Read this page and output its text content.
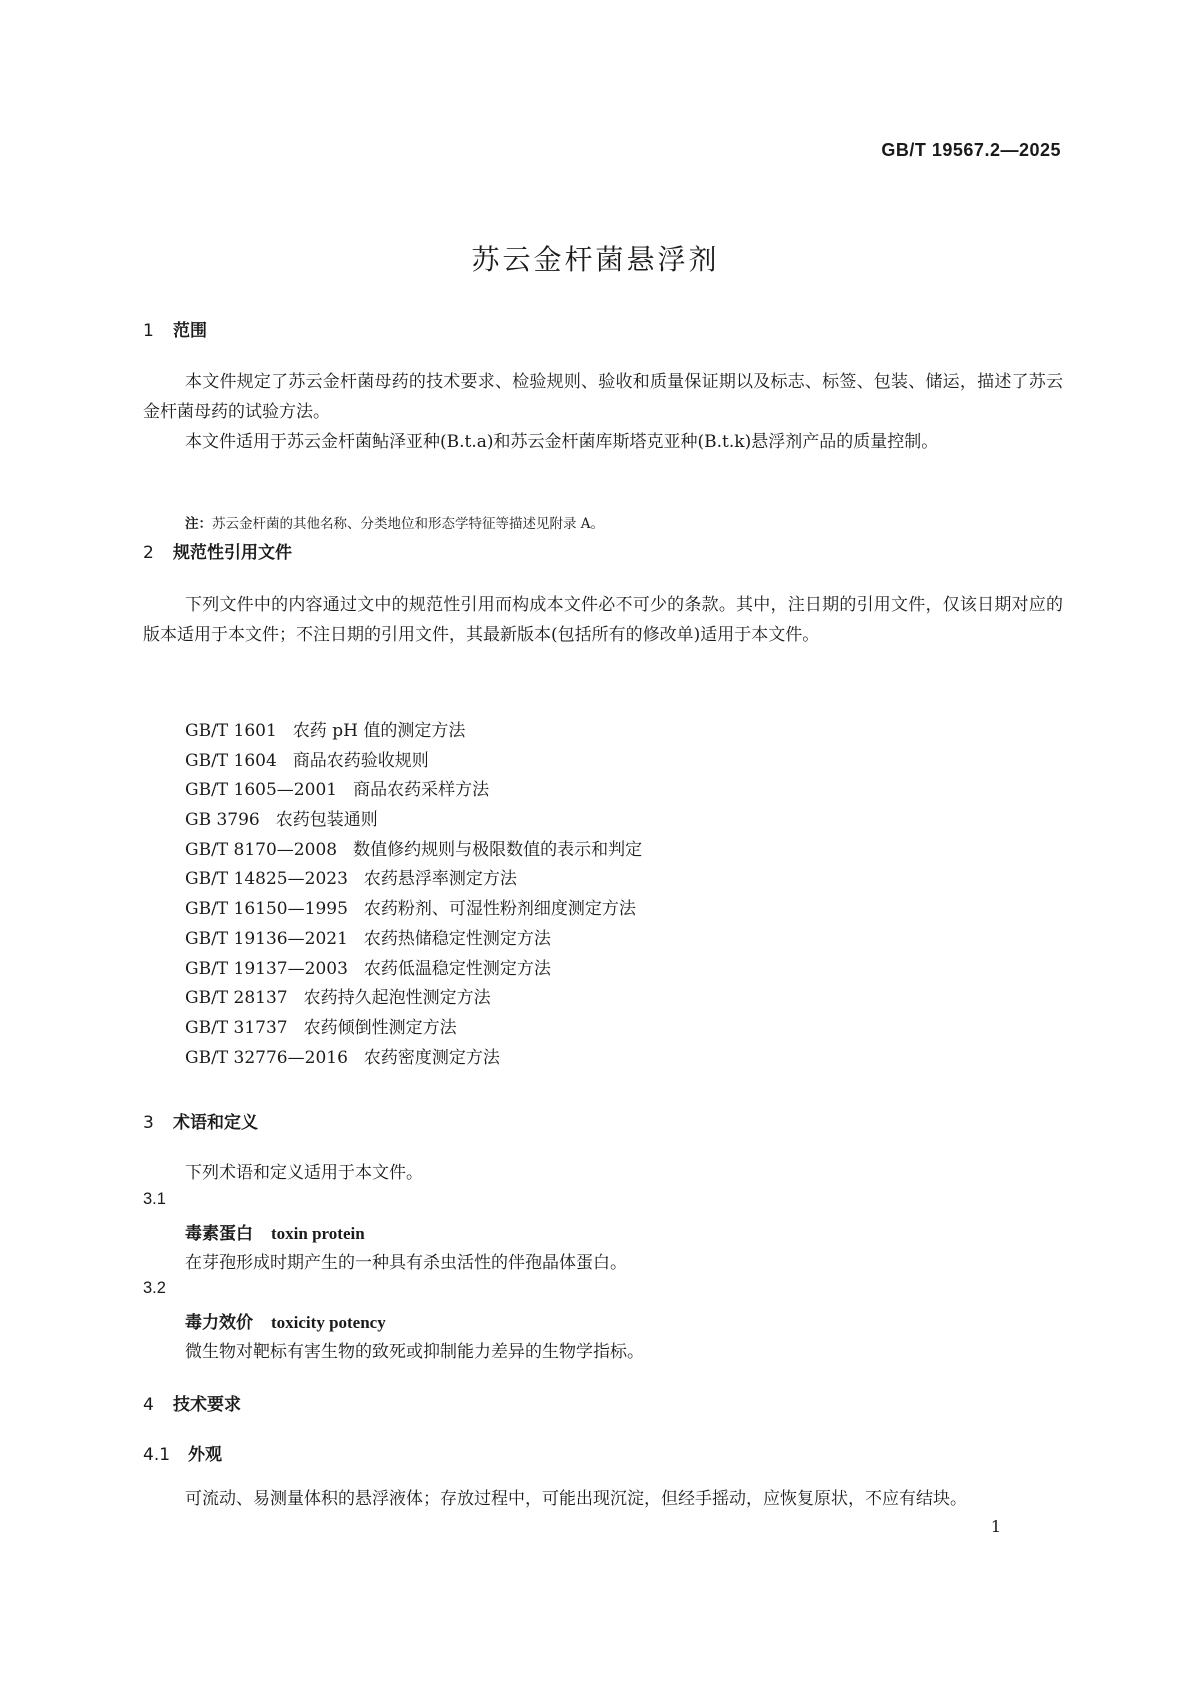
GB/T 19567.2—2025
苏云金杆菌悬浮剂
1 范围
本文件规定了苏云金杆菌母药的技术要求、检验规则、验收和质量保证期以及标志、标签、包装、储运，描述了苏云金杆菌母药的试验方法。
本文件适用于苏云金杆菌鲇泽亚种(B.t.a)和苏云金杆菌库斯塔克亚种(B.t.k)悬浮剂产品的质量控制。
注：苏云金杆菌的其他名称、分类地位和形态学特征等描述见附录 A。
2 规范性引用文件
下列文件中的内容通过文中的规范性引用而构成本文件必不可少的条款。其中，注日期的引用文件，仅该日期对应的版本适用于本文件；不注日期的引用文件，其最新版本(包括所有的修改单)适用于本文件。
GB/T 1601 农药 pH 值的测定方法
GB/T 1604 商品农药验收规则
GB/T 1605—2001 商品农药采样方法
GB 3796 农药包装通则
GB/T 8170—2008 数值修约规则与极限数值的表示和判定
GB/T 14825—2023 农药悬浮率测定方法
GB/T 16150—1995 农药粉剂、可湿性粉剂细度测定方法
GB/T 19136—2021 农药热储稳定性测定方法
GB/T 19137—2003 农药低温稳定性测定方法
GB/T 28137 农药持久起泡性测定方法
GB/T 31737 农药倾倒性测定方法
GB/T 32776—2016 农药密度测定方法
3 术语和定义
下列术语和定义适用于本文件。
3.1
毒素蛋白 toxin protein
在芽孢形成时期产生的一种具有杀虫活性的伴孢晶体蛋白。
3.2
毒力效价 toxicity potency
微生物对靶标有害生物的致死或抑制能力差异的生物学指标。
4 技术要求
4.1 外观
可流动、易测量体积的悬浮液体；存放过程中，可能出现沉淀，但经手摇动，应恢复原状，不应有结块。
1
